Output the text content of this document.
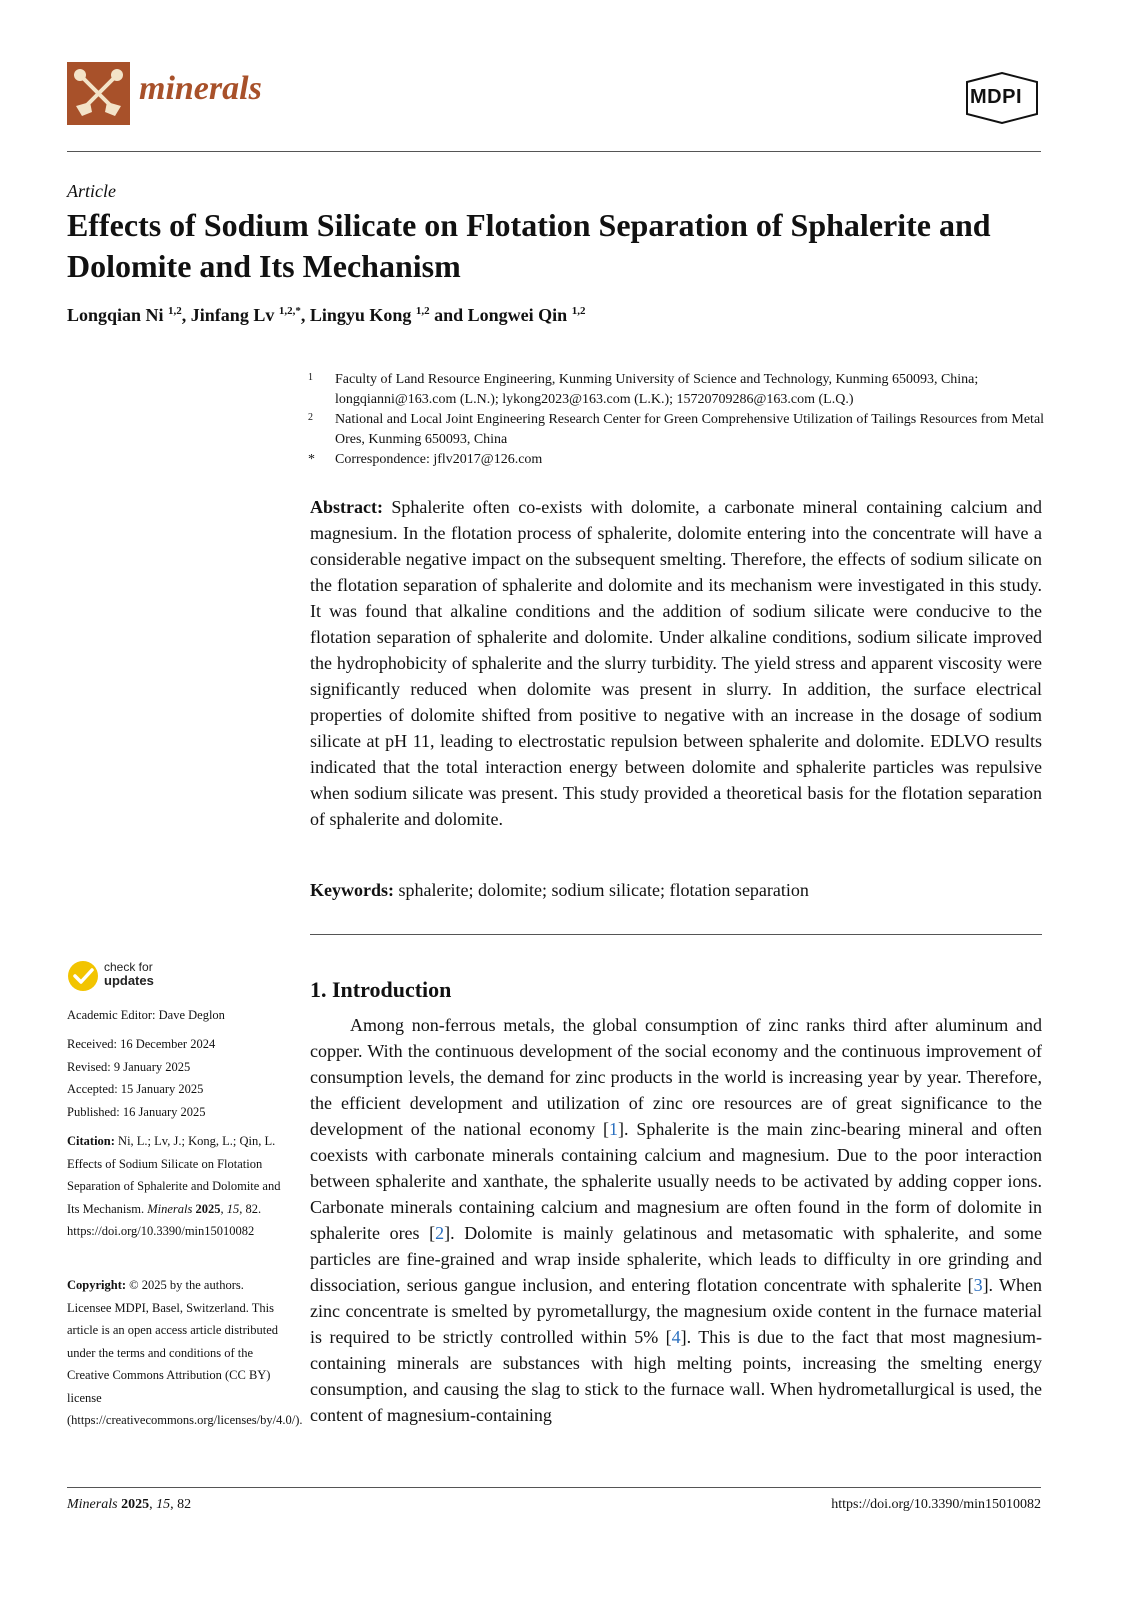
minerals	MDPI
Article
Effects of Sodium Silicate on Flotation Separation of Sphalerite and Dolomite and Its Mechanism
Longqian Ni $^{1,2}$, Jinfang Lv $^{1,2,*}$, Lingyu Kong $^{1,2}$ and Longwei Qin $^{1,2}$
1 Faculty of Land Resource Engineering, Kunming University of Science and Technology, Kunming 650093, China; longqianni@163.com (L.N.); lykong2023@163.com (L.K.); 15720709286@163.com (L.Q.)
2 National and Local Joint Engineering Research Center for Green Comprehensive Utilization of Tailings Resources from Metal Ores, Kunming 650093, China
* Correspondence: jflv2017@126.com
Abstract: Sphalerite often co-exists with dolomite, a carbonate mineral containing calcium and magnesium. In the flotation process of sphalerite, dolomite entering into the concentrate will have a considerable negative impact on the subsequent smelting. Therefore, the effects of sodium silicate on the flotation separation of sphalerite and dolomite and its mechanism were investigated in this study. It was found that alkaline conditions and the addition of sodium silicate were conducive to the flotation separation of sphalerite and dolomite. Under alkaline conditions, sodium silicate improved the hydrophobicity of sphalerite and the slurry turbidity. The yield stress and apparent viscosity were significantly reduced when dolomite was present in slurry. In addition, the surface electrical properties of dolomite shifted from positive to negative with an increase in the dosage of sodium silicate at pH 11, leading to electrostatic repulsion between sphalerite and dolomite. EDLVO results indicated that the total interaction energy between dolomite and sphalerite particles was repulsive when sodium silicate was present. This study provided a theoretical basis for the flotation separation of sphalerite and dolomite.
Keywords: sphalerite; dolomite; sodium silicate; flotation separation
check for
updates
Academic Editor: Dave Deglon
Received: 16 December 2024
Revised: 9 January 2025
Accepted: 15 January 2025
Published: 16 January 2025
Citation: Ni, L.; Lv, J.; Kong, L.; Qin, L. Effects of Sodium Silicate on Flotation Separation of Sphalerite and Dolomite and Its Mechanism. Minerals 2025, 15, 82. https://doi.org/10.3390/min15010082
Copyright: © 2025 by the authors. Licensee MDPI, Basel, Switzerland. This article is an open access article distributed under the terms and conditions of the Creative Commons Attribution (CC BY) license (https://creativecommons.org/licenses/by/4.0/).
1. Introduction
Among non-ferrous metals, the global consumption of zinc ranks third after aluminum and copper. With the continuous development of the social economy and the continuous improvement of consumption levels, the demand for zinc products in the world is increasing year by year. Therefore, the efficient development and utilization of zinc ore resources are of great significance to the development of the national economy [1]. Sphalerite is the main zinc-bearing mineral and often coexists with carbonate minerals containing calcium and magnesium. Due to the poor interaction between sphalerite and xanthate, the sphalerite usually needs to be activated by adding copper ions. Carbonate minerals containing calcium and magnesium are often found in the form of dolomite in sphalerite ores [2]. Dolomite is mainly gelatinous and metasomatic with sphalerite, and some particles are fine-grained and wrap inside sphalerite, which leads to difficulty in ore grinding and dissociation, serious gangue inclusion, and entering flotation concentrate with sphalerite [3]. When zinc concentrate is smelted by pyrometallurgy, the magnesium oxide content in the furnace material is required to be strictly controlled within 5% [4]. This is due to the fact that most magnesium-containing minerals are substances with high melting points, increasing the smelting energy consumption, and causing the slag to stick to the furnace wall. When hydrometallurgical is used, the content of magnesium-containing
Minerals 2025, 15, 82	https://doi.org/10.3390/min15010082
